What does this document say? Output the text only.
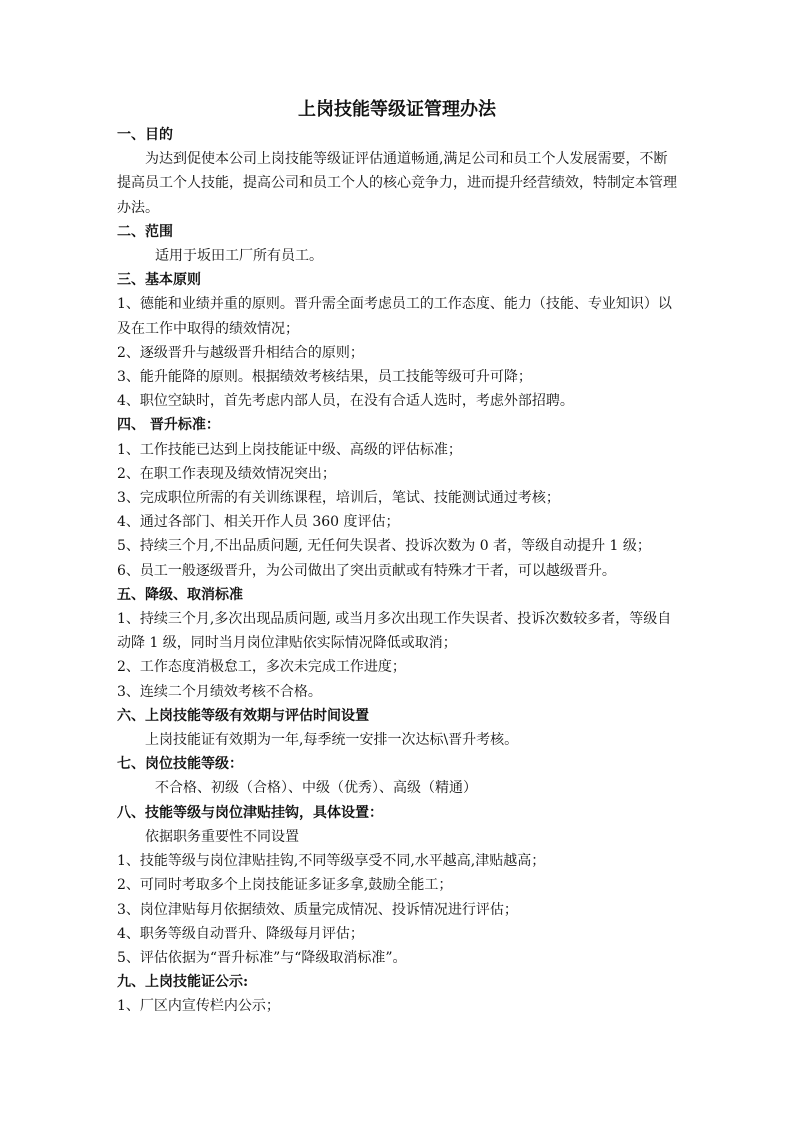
上岗技能等级证管理办法
一、目的
为达到促使本公司上岗技能等级证评估通道畅通,满足公司和员工个人发展需要，不断
提高员工个人技能，提高公司和员工个人的核心竞争力，进而提升经营绩效，特制定本管理
办法。
二、范围
适用于坂田工厂所有员工。
三、基本原则
1、德能和业绩并重的原则。晋升需全面考虑员工的工作态度、能力（技能、专业知识）以
及在工作中取得的绩效情况；
2、逐级晋升与越级晋升相结合的原则；
3、能升能降的原则。根据绩效考核结果，员工技能等级可升可降；
4、职位空缺时，首先考虑内部人员，在没有合适人选时，考虑外部招聘。
四、 晋升标准：
1、工作技能已达到上岗技能证中级、高级的评估标准；
2、在职工作表现及绩效情况突出；
3、完成职位所需的有关训练课程，培训后，笔试、技能测试通过考核；
4、通过各部门、相关开作人员 360 度评估；
5、持续三个月,不出品质问题, 无任何失误者、投诉次数为 0 者，等级自动提升 1 级；
6、员工一般逐级晋升，为公司做出了突出贡献或有特殊才干者，可以越级晋升。
五、降级、取消标准
1、持续三个月,多次出现品质问题, 或当月多次出现工作失误者、投诉次数较多者，等级自
动降 1 级，同时当月岗位津贴依实际情况降低或取消；
2、工作态度消极怠工，多次未完成工作进度；
3、连续二个月绩效考核不合格。
六、上岗技能等级有效期与评估时间设置
上岗技能证有效期为一年,每季统一安排一次达标\晋升考核。
七、岗位技能等级：
不合格、初级（合格）、中级（优秀）、高级（精通）
八、技能等级与岗位津贴挂钩，具体设置：
依据职务重要性不同设置
1、技能等级与岗位津贴挂钩,不同等级享受不同,水平越高,津贴越高；
2、可同时考取多个上岗技能证多证多拿,鼓励全能工；
3、岗位津贴每月依据绩效、质量完成情况、投诉情况进行评估；
4、职务等级自动晋升、降级每月评估；
5、评估依据为“晋升标准”与“降级取消标准”。
九、上岗技能证公示:
1、厂区内宣传栏内公示；
